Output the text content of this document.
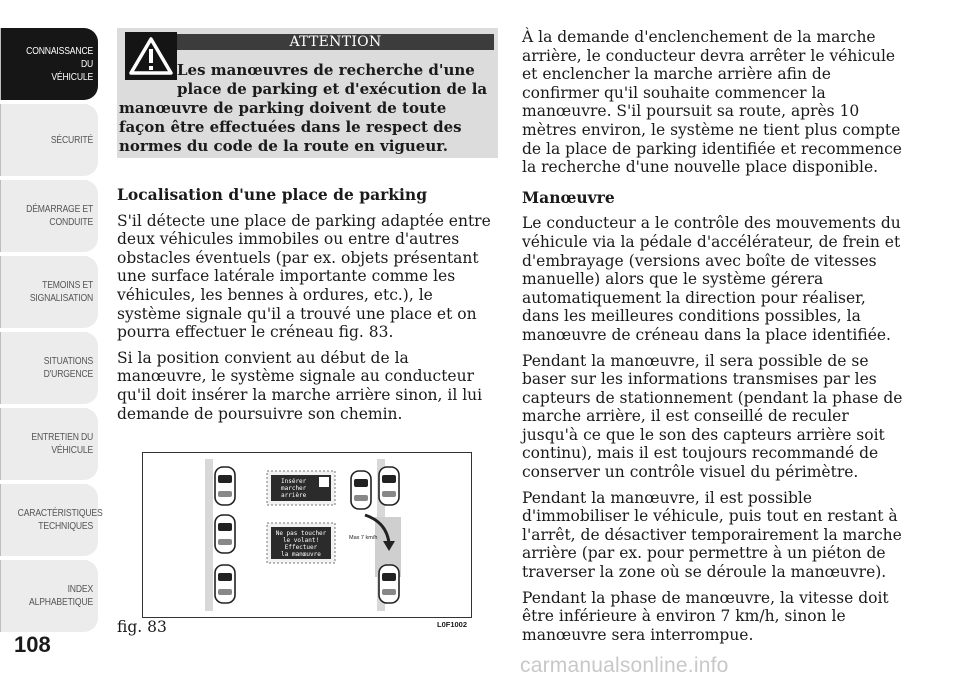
CONNAISSANCE DU
VÉHICULE
SÉCURITÉ
DÉMARRAGE ET
CONDUITE
TEMOINS ET
SIGNALISATION
SITUATIONS
D'URGENCE
ENTRETIEN DU
VÉHICULE
CARACTÉRISTIQUES
TECHNIQUES
INDEX
ALPHABETIQUE
108
ATTENTION
Les manœuvres de recherche d'une
place de parking et d'exécution de la
manœuvre de parking doivent de toute façon être effectuées dans le respect des normes du code de la route en vigueur.

Localisation d'une place de parking

S'il détecte une place de parking adaptée entre deux véhicules immobiles ou entre d'autres obstacles éventuels (par ex. objets présentant une surface latérale importante comme les véhicules, les bennes à ordures, etc.), le système signale qu'il a trouvé une place et on pourra effectuer le créneau fig. 83.

Si la position convient au début de la manœuvre, le système signale au conducteur qu'il doit insérer la marche arrière sinon, il lui demande de poursuivre son chemin.

Insérer
marcher
arrière
Ne pas toucher
le volant!
Effectuer
la manœuvre
Max 7 km/h
fig. 83	L0F1002

À la demande d'enclenchement de la marche arrière, le conducteur devra arrêter le véhicule et enclencher la marche arrière afin de confirmer qu'il souhaite commencer la manœuvre. S'il poursuit sa route, après 10 mètres environ, le système ne tient plus compte de la place de parking identifiée et recommence la recherche d'une nouvelle place disponible.

Manœuvre

Le conducteur a le contrôle des mouvements du véhicule via la pédale d'accélérateur, de frein et d'embrayage (versions avec boîte de vitesses manuelle) alors que le système gérera automatiquement la direction pour réaliser, dans les meilleures conditions possibles, la manœuvre de créneau dans la place identifiée.

Pendant la manœuvre, il sera possible de se baser sur les informations transmises par les capteurs de stationnement (pendant la phase de marche arrière, il est conseillé de reculer jusqu'à ce que le son des capteurs arrière soit continu), mais il est toujours recommandé de conserver un contrôle visuel du périmètre.

Pendant la manœuvre, il est possible d'immobiliser le véhicule, puis tout en restant à l'arrêt, de désactiver temporairement la marche arrière (par ex. pour permettre à un piéton de traverser la zone où se déroule la manœuvre).

Pendant la phase de manœuvre, la vitesse doit être inférieure à environ 7 km/h, sinon le manœuvre sera interrompue.

carmanualsonline.info
